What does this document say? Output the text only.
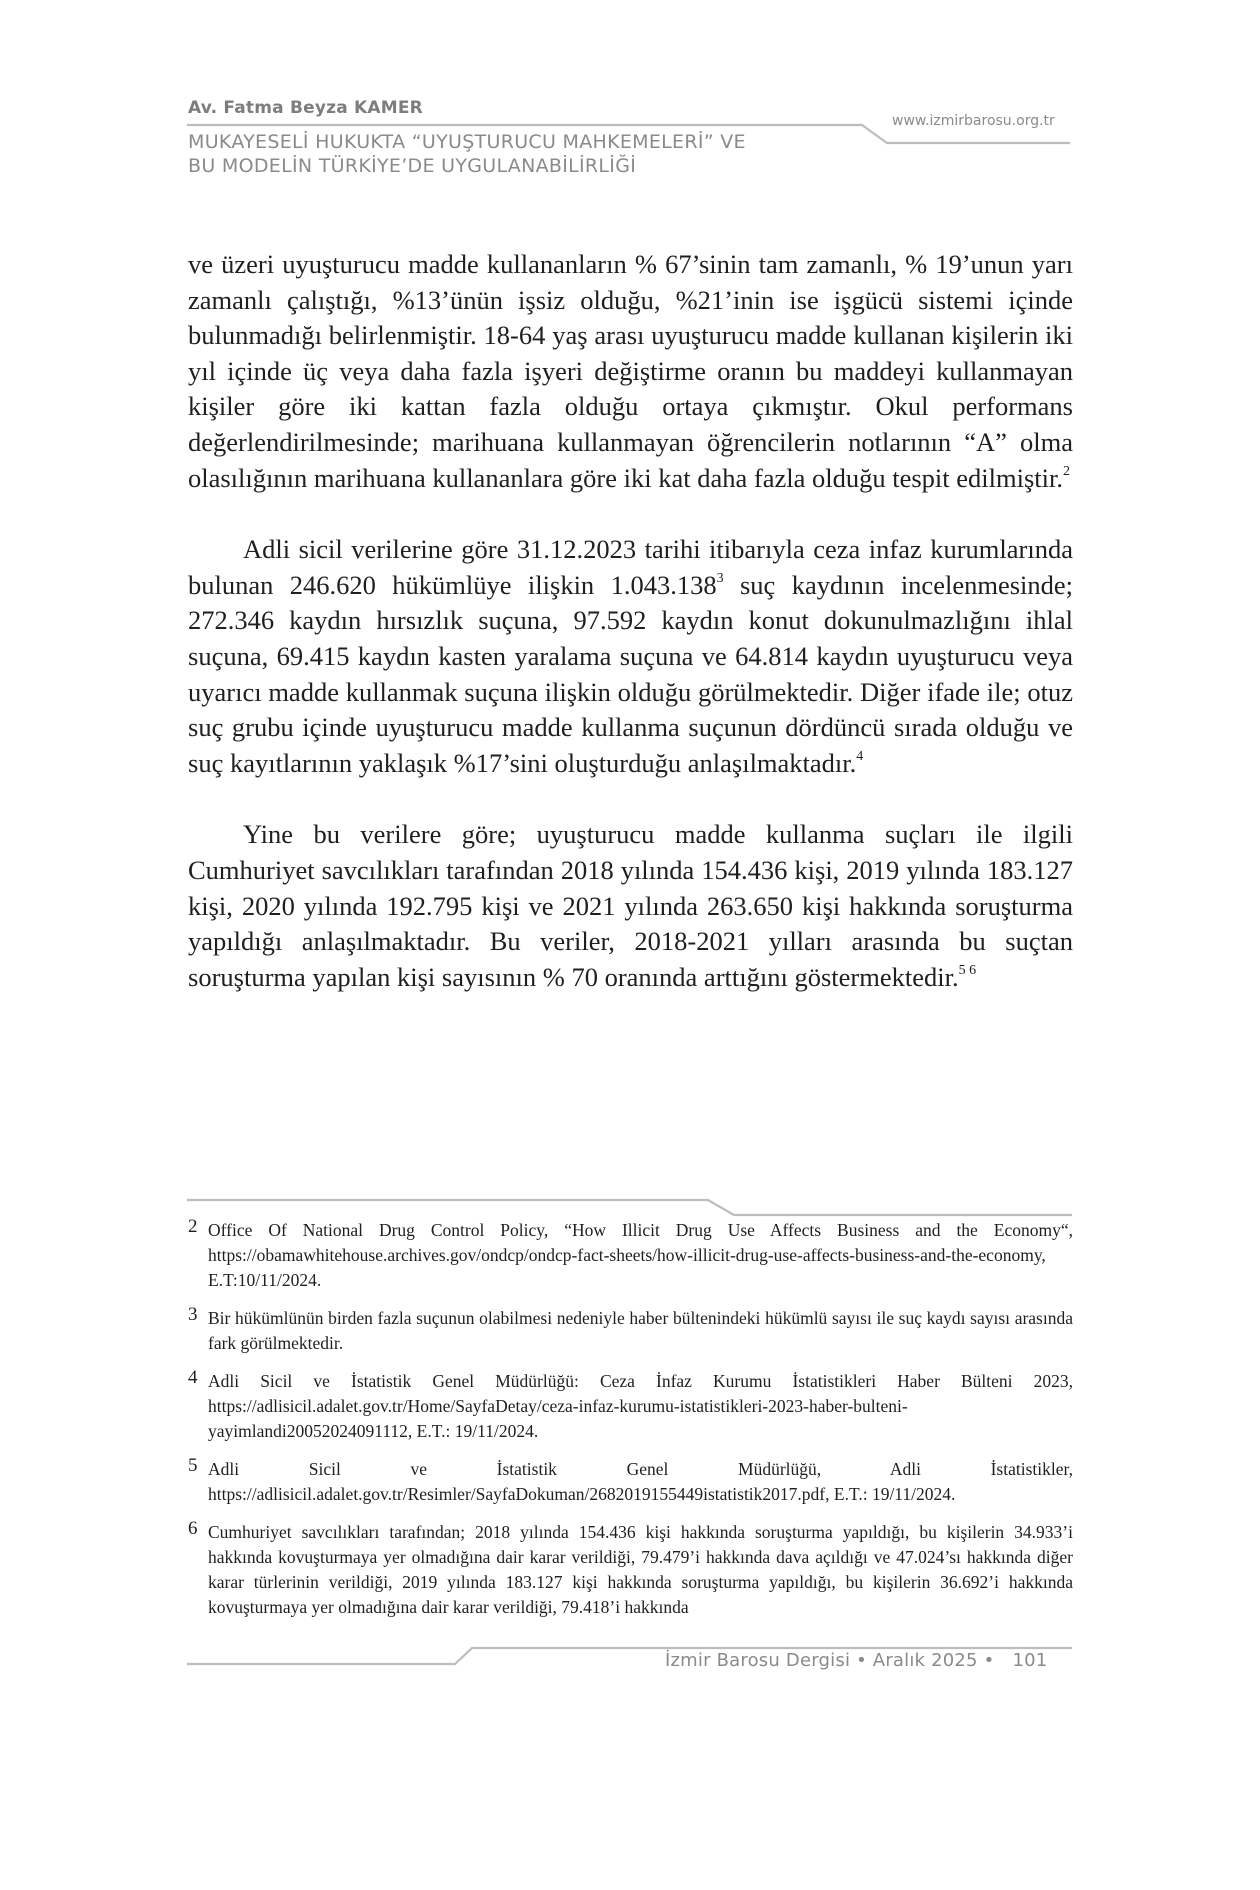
Av. Fatma Beyza KAMER
MUKAYESELİ HUKUKTA “UYUŞTURUCU MAHKEMELERİ” VE
BU MODELİN TÜRKİYE’DE UYGULANABİLİRLİĞİ
www.izmirbarosu.org.tr

ve üzeri uyuşturucu madde kullananların % 67’sinin tam zamanlı, % 19’unun yarı zamanlı çalıştığı, %13’ünün işsiz olduğu, %21’inin ise işgücü sistemi içinde bulunmadığı belirlenmiştir. 18-64 yaş arası uyuşturucu madde kullanan kişilerin iki yıl içinde üç veya daha fazla işyeri değiştirme oranın bu maddeyi kullanmayan kişiler göre iki kattan fazla olduğu ortaya çıkmıştır. Okul performans değerlendirilmesinde; marihuana kullanmayan öğrencilerin notlarının “A” olma olasılığının marihuana kullananlara göre iki kat daha fazla olduğu tespit edilmiştir.$^2$

Adli sicil verilerine göre 31.12.2023 tarihi itibarıyla ceza infaz kurumlarında bulunan 246.620 hükümlüye ilişkin 1.043.138$^3$ suç kaydının incelenmesinde; 272.346 kaydın hırsızlık suçuna, 97.592 kaydın konut dokunulmazlığını ihlal suçuna, 69.415 kaydın kasten yaralama suçuna ve 64.814 kaydın uyuşturucu veya uyarıcı madde kullanmak suçuna ilişkin olduğu görülmektedir. Diğer ifade ile; otuz suç grubu içinde uyuşturucu madde kullanma suçunun dördüncü sırada olduğu ve suç kayıtlarının yaklaşık %17’sini oluşturduğu anlaşılmaktadır.$^4$

Yine bu verilere göre; uyuşturucu madde kullanma suçları ile ilgili Cumhuriyet savcılıkları tarafından 2018 yılında 154.436 kişi, 2019 yılında 183.127 kişi, 2020 yılında 192.795 kişi ve 2021 yılında 263.650 kişi hakkında soruşturma yapıldığı anlaşılmaktadır. Bu veriler, 2018-2021 yılları arasında bu suçtan soruşturma yapılan kişi sayısının % 70 oranında arttığını göstermektedir.$^{5 6}$

2 Office Of National Drug Control Policy, “How Illicit Drug Use Affects Business and the Economy“, https://obamawhitehouse.archives.gov/ondcp/ondcp-fact-sheets/how-illicit-drug-use-affects-business-and-the-economy, E.T:10/11/2024.
3 Bir hükümlünün birden fazla suçunun olabilmesi nedeniyle haber bültenindeki hükümlü sayısı ile suç kaydı sayısı arasında fark görülmektedir.
4 Adli Sicil ve İstatistik Genel Müdürlüğü: Ceza İnfaz Kurumu İstatistikleri Haber Bülteni 2023, https://adlisicil.adalet.gov.tr/Home/SayfaDetay/ceza-infaz-kurumu-istatistikleri-2023-haber-bulteni-yayimlandi20052024091112, E.T.: 19/11/2024.
5 Adli Sicil ve İstatistik Genel Müdürlüğü, Adli İstatistikler, https://adlisicil.adalet.gov.tr/Resimler/SayfaDokuman/2682019155449istatistik2017.pdf, E.T.: 19/11/2024.
6 Cumhuriyet savcılıkları tarafından; 2018 yılında 154.436 kişi hakkında soruşturma yapıldığı, bu kişilerin 34.933’i hakkında kovuşturmaya yer olmadığına dair karar verildiği, 79.479’i hakkında dava açıldığı ve 47.024’sı hakkında diğer karar türlerinin verildiği, 2019 yılında 183.127 kişi hakkında soruşturma yapıldığı, bu kişilerin 36.692’i hakkında kovuşturmaya yer olmadığına dair karar verildiği, 79.418’i hakkında
İzmir Barosu Dergisi • Aralık 2025 • 101
